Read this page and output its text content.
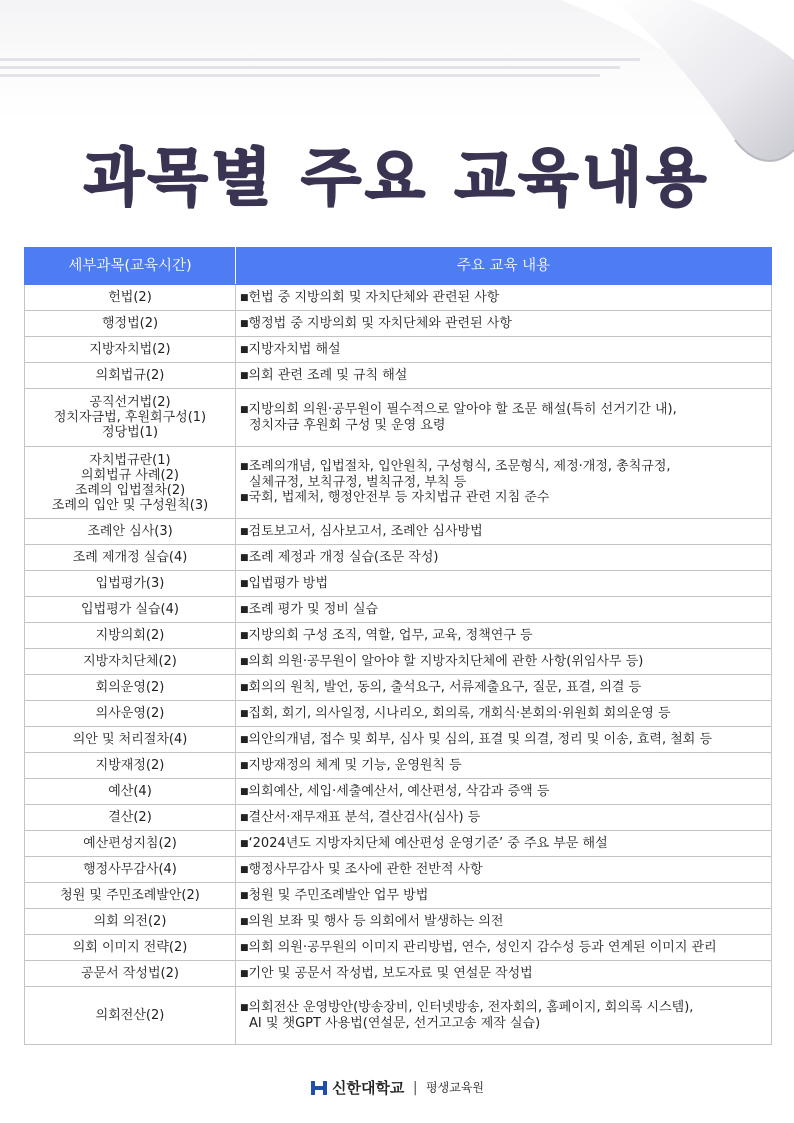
과목별 주요 교육내용
세부과목(교육시간)	주요 교육 내용

헌법(2)	■헌법 중 지방의회 및 자치단체와 관련된 사항

행정법(2)	■행정법 중 지방의회 및 자치단체와 관련된 사항

지방자치법(2)	■지방자치법 해설

의회법규(2)	■의회 관련 조례 및 규칙 해설

공직선거법(2)
정치자금법, 후원회구성(1)
정당법(1)	■지방의회 의원·공무원이 필수적으로 알아야 할 조문 해설(특히 선거기간 내),
정치자금 후원회 구성 및 운영 요령

자치법규란(1)
의회법규 사례(2)
조례의 입법절차(2)
조례의 입안 및 구성원칙(3)	■조례의개념, 입법절차, 입안원칙, 구성형식, 조문형식, 제정·개정, 총칙규정,
실체규정, 보칙규정, 벌칙규정, 부칙 등
■국회, 법제처, 행정안전부 등 자치법규 관련 지침 준수

조례안 심사(3)	■검토보고서, 심사보고서, 조례안 심사방법

조례 제개정 실습(4)	■조례 제정과 개정 실습(조문 작성)

입법평가(3)	■입법평가 방법

입법평가 실습(4)	■조례 평가 및 정비 실습

지방의회(2)	■지방의회 구성 조직, 역할, 업무, 교육, 정책연구 등

지방자치단체(2)	■의회 의원·공무원이 알아야 할 지방자치단체에 관한 사항(위임사무 등)

회의운영(2)	■회의의 원칙, 발언, 동의, 출석요구, 서류제출요구, 질문, 표결, 의결 등

의사운영(2)	■집회, 회기, 의사일정, 시나리오, 회의록, 개회식·본회의·위원회 회의운영 등

의안 및 처리절차(4)	■의안의개념, 접수 및 회부, 심사 및 심의, 표결 및 의결, 정리 및 이송, 효력, 철회 등

지방재정(2)	■지방재정의 체계 및 기능, 운영원칙 등

예산(4)	■의회예산, 세입·세출예산서, 예산편성, 삭감과 증액 등

결산(2)	■결산서·재무재표 분석, 결산검사(심사) 등

예산편성지침(2)	■‘2024년도 지방자치단체 예산편성 운영기준’ 중 주요 부문 해설

행정사무감사(4)	■행정사무감사 및 조사에 관한 전반적 사항

청원 및 주민조례발안(2)	■청원 및 주민조례발안 업무 방법

의회 의전(2)	■의원 보좌 및 행사 등 의회에서 발생하는 의전

의회 이미지 전략(2)	■의회 의원·공무원의 이미지 관리방법, 연수, 성인지 감수성 등과 연계된 이미지 관리

공문서 작성법(2)	■기안 및 공문서 작성법, 보도자료 및 연설문 작성법

의회전산(2)	■의회전산 운영방안(방송장비, 인터넷방송, 전자회의, 홈페이지, 회의록 시스템),
AI 및 챗GPT 사용법(연설문, 선거고고송 제작 실습)
신한대학교 | 평생교육원
